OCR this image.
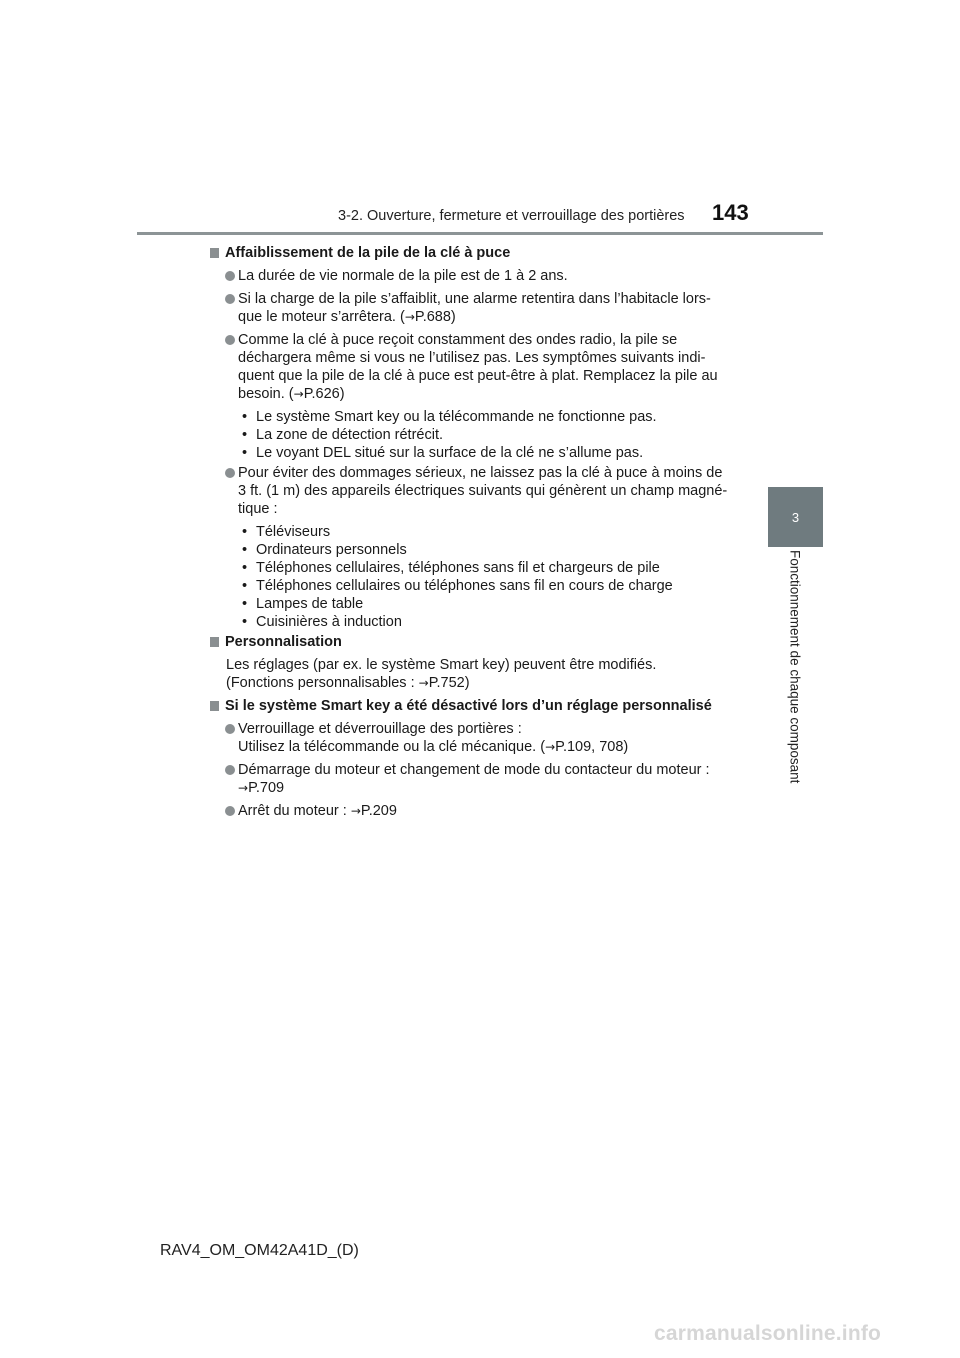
3-2. Ouverture, fermeture et verrouillage des portières 143
3
Fonctionnement de chaque composant
Affaiblissement de la pile de la clé à puce
La durée de vie normale de la pile est de 1 à 2 ans.
Si la charge de la pile s’affaiblit, une alarme retentira dans l’habitacle lors-
que le moteur s’arrêtera. (→P.688)
Comme la clé à puce reçoit constamment des ondes radio, la pile se
déchargera même si vous ne l’utilisez pas. Les symptômes suivants indi-
quent que la pile de la clé à puce est peut-être à plat. Remplacez la pile au
besoin. (→P.626)
• Le système Smart key ou la télécommande ne fonctionne pas.
• La zone de détection rétrécit.
• Le voyant DEL situé sur la surface de la clé ne s’allume pas.
Pour éviter des dommages sérieux, ne laissez pas la clé à puce à moins de
3 ft. (1 m) des appareils électriques suivants qui génèrent un champ magné-
tique :
• Téléviseurs
• Ordinateurs personnels
• Téléphones cellulaires, téléphones sans fil et chargeurs de pile
• Téléphones cellulaires ou téléphones sans fil en cours de charge
• Lampes de table
• Cuisinières à induction
Personnalisation
Les réglages (par ex. le système Smart key) peuvent être modifiés.
(Fonctions personnalisables : →P.752)
Si le système Smart key a été désactivé lors d’un réglage personnalisé
Verrouillage et déverrouillage des portières :
Utilisez la télécommande ou la clé mécanique. (→P.109, 708)
Démarrage du moteur et changement de mode du contacteur du moteur :
→P.709
Arrêt du moteur : →P.209
RAV4_OM_OM42A41D_(D)
carmanualsonline.info
